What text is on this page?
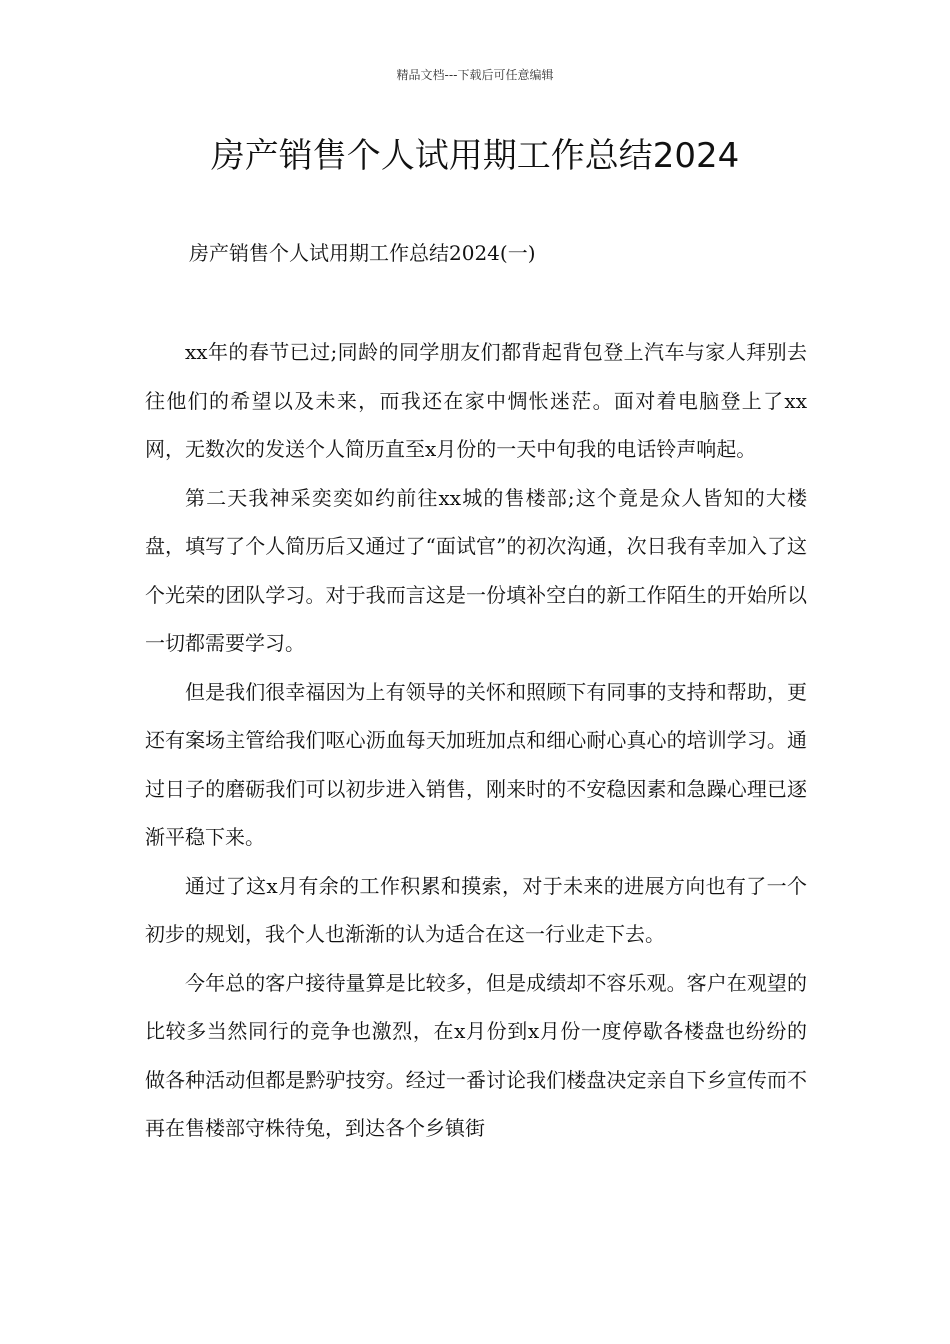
精品文档---下载后可任意编辑
房产销售个人试用期工作总结2024
房产销售个人试用期工作总结2024(一)

xx年的春节已过;同龄的同学朋友们都背起背包登上汽车与家人拜别去往他们的希望以及未来，而我还在家中惆怅迷茫。面对着电脑登上了xx网，无数次的发送个人简历直至x月份的一天中旬我的电话铃声响起。

第二天我神采奕奕如约前往xx城的售楼部;这个竟是众人皆知的大楼盘，填写了个人简历后又通过了“面试官”的初次沟通，次日我有幸加入了这个光荣的团队学习。对于我而言这是一份填补空白的新工作陌生的开始所以一切都需要学习。

但是我们很幸福因为上有领导的关怀和照顾下有同事的支持和帮助，更还有案场主管给我们呕心沥血每天加班加点和细心耐心真心的培训学习。通过日子的磨砺我们可以初步进入销售，刚来时的不安稳因素和急躁心理已逐渐平稳下来。

通过了这x月有余的工作积累和摸索，对于未来的进展方向也有了一个初步的规划，我个人也渐渐的认为适合在这一行业走下去。

今年总的客户接待量算是比较多，但是成绩却不容乐观。客户在观望的比较多当然同行的竞争也激烈，在x月份到x月份一度停歇各楼盘也纷纷的做各种活动但都是黔驴技穷。经过一番讨论我们楼盘决定亲自下乡宣传而不再在售楼部守株待兔，到达各个乡镇街
